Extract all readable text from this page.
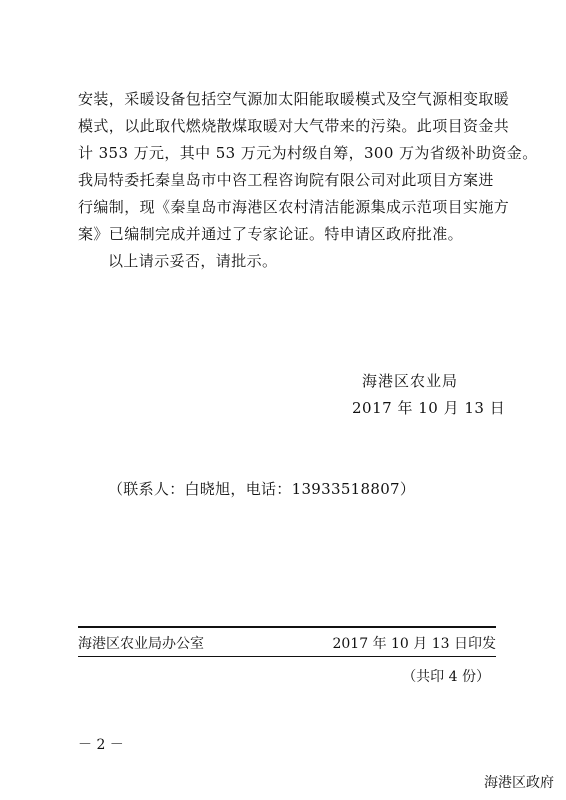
安装，采暖设备包括空气源加太阳能取暖模式及空气源相变取暖
模式，以此取代燃烧散煤取暖对大气带来的污染。此项目资金共
计 353 万元，其中 53 万元为村级自筹，300 万为省级补助资金。
我局特委托秦皇岛市中咨工程咨询院有限公司对此项目方案进
行编制，现《秦皇岛市海港区农村清洁能源集成示范项目实施方
案》已编制完成并通过了专家论证。特申请区政府批准。
以上请示妥否，请批示。
海港区农业局
2017 年 10 月 13 日
（联系人：白晓旭，电话：13933518807）
海港区农业局办公室	2017 年 10 月 13 日印发
（共印 4 份）
－ 2 －
海港区政府
